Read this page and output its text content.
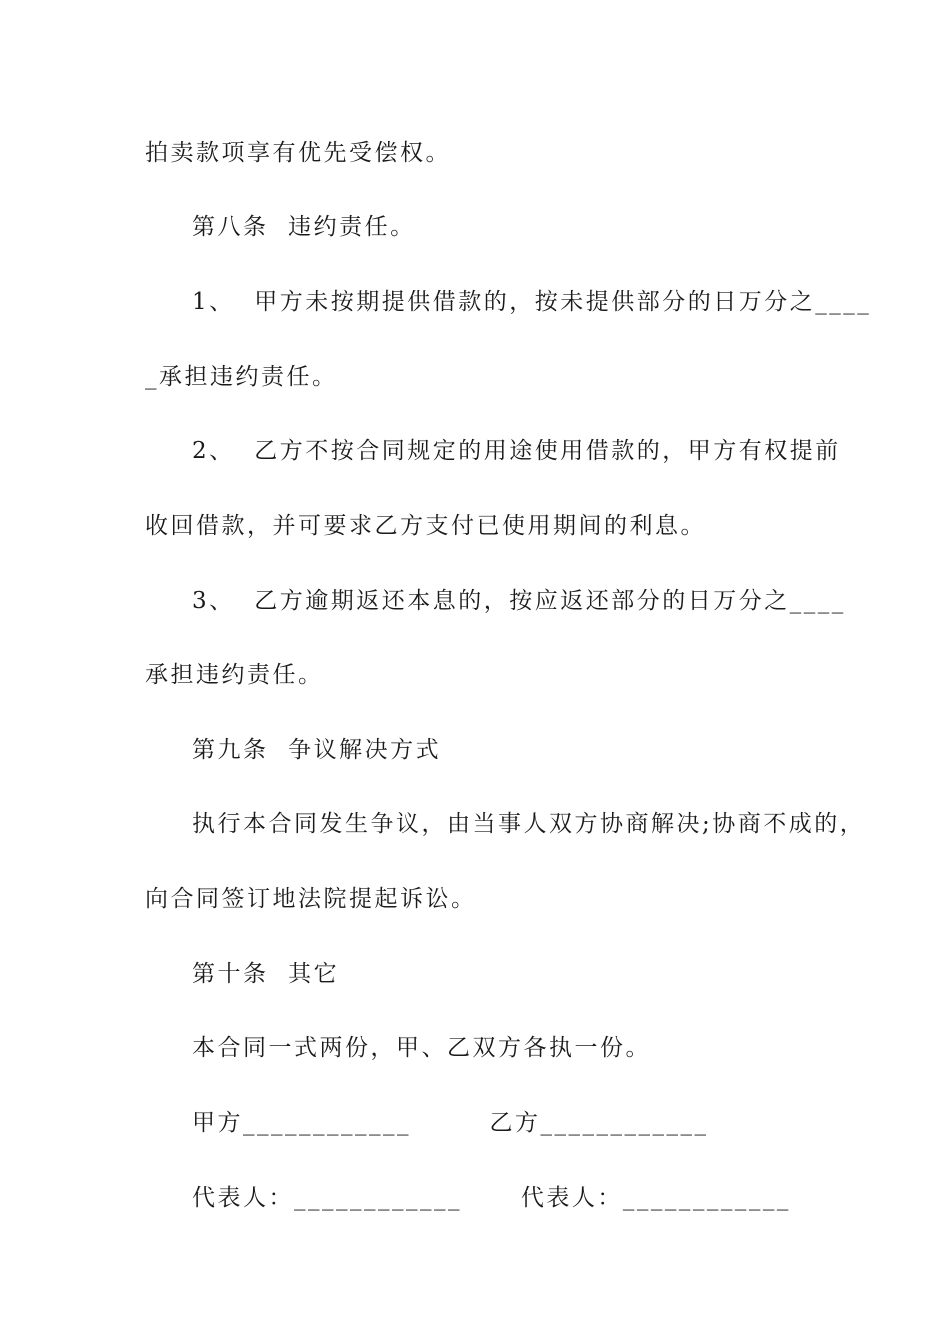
拍卖款项享有优先受偿权。
第八条  违约责任。
1、  甲方未按期提供借款的，按未提供部分的日万分之____
_承担违约责任。
2、  乙方不按合同规定的用途使用借款的，甲方有权提前
收回借款，并可要求乙方支付已使用期间的利息。
3、  乙方逾期返还本息的，按应返还部分的日万分之____
承担违约责任。
第九条  争议解决方式
执行本合同发生争议，由当事人双方协商解决;协商不成的，
向合同签订地法院提起诉讼。
第十条  其它
本合同一式两份，甲、乙双方各执一份。
甲方____________        乙方____________
代表人：____________      代表人：____________
